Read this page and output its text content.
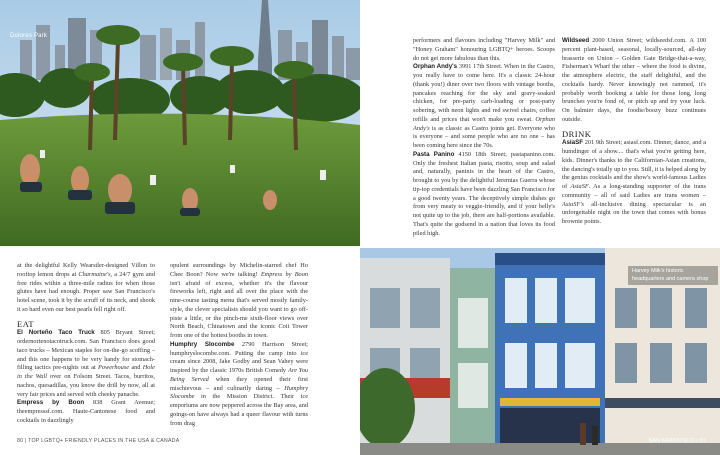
Dolores Park
Harvey Milk's historic headquarters and camera shop

performers and flavours including "Harvey Milk" and "Honey Graham" honouring LGBTQ+ heroes. Scoops do not get more fabulous than this.

Orphan Andy's 3991 17th Street. When in the Castro, you really have to come here. It's a classic 24-hour (thank you!) diner over two floors with vintage booths, pancakes reaching for the sky and gravy-soaked chicken, for pre-party carb-loading or post-party sobering, with neon lights and red swivel chairs, coffee refills and prices that won't make you sweat. Orphan Andy's is as classic as Castro joints get. Everyone who is everyone – and some people who are no one – has been coming here since the 70s.

Pasta Panino 4150 18th Street; pastapanino.com. Only the freshest Italian pasta, risotto, soup and salad and, naturally, paninis in the heart of the Castro, brought to you by the delightful Jeremias Guerra whose tip-top credentials have been dazzling San Francisco for a good twenty years. The deceptively simple dishes go from very meaty to veggie-friendly, and if your belly's not quite up to the job, there are half-portions available. That's quite the godsend in a nation that loves its food piled high.

Wildseed 2000 Union Street; wildseedsf.com. A 100 percent plant-based, seasonal, locally-sourced, all-day brasserie on Union – Golden Gate Bridge-that-a-way, Fisherman's Wharf the other – where the food is divine, the atmosphere electric, the staff delightful, and the cocktails hardy. Never knowingly not rammed, it's probably worth booking a table for those long, long brunches you're fond of, or pitch up and try your luck. On balmier days, the foodie/boozy buzz continues outside.

DRINK

AsiaSF 201 9th Street; asiasf.com. Dinner, dance, and a humdinger of a show.... that's what you're getting here, kids. Dinner's thanks to the Californian-Asian creations, the dancing's totally up to you. Still, it is helped along by the genius cocktails and the show's world-famous Ladies of AsiaSF. As a long-standing supporter of the trans community – all of said Ladies are trans women – AsiaSF's all-inclusive dining spectacular is an unforgettable night on the town that comes with bonus brownie points.

at the delightful Kelly Wearstler-designed Villon to rooftop lemon drops at Charmaine's, a 24/7 gym and free rides within a three-mile radius for when those glutes have had enough. Proper saw San Francisco's hotel scene, took it by the scruff of its neck, and shook it so hard even our best pearls fell right off.

EAT

El Norteño Taco Truck 805 Bryant Street; ordernortenotacotruck.com. San Francisco does good taco trucks – Mexican staples for on-the-go scoffing – and this one happens to be very handy for stomach-filling tactics pre-nights out at Powerhouse and Hole in the Wall over on Folsom Street. Tacos, burritos, nachos, quesadillas, you know the drill by now, all at very fair prices and served with cheeky panache.

Empress by Boon 838 Grant Avenue; theempresssf.com. Haute-Cantonese food and cocktails in dazzlingly

opulent surroundings by Michelin-starred chef Ho Chee Boon? Now we're talking! Empress by Boon isn't afraid of excess, whether it's the flavour fireworks left, right and all over the place with the nine-course tasting menu that's served mostly family-style, the clever specialists should you want to go off-piste a little, or the pinch-me sixth-floor views over North Beach, Chinatown and the iconic Coit Tower from one of the hottest booths in town.

Humphry Slocombe 2790 Harrison Street; humphryslocombe.com. Putting the camp into ice cream since 2008, Jake Godby and Sean Vahey were inspired by the classic 1970s British Comedy Are You Being Served when they opened their first mischievous – and culinarily daring – Humphry Slocombe in the Mission District. Their ice emporiums are now peppered across the Bay area, and goings-on have always had a queer flavour with turns from drag

80 | TOP LGBTQ+ FRIENDLY PLACES IN THE USA & CANADA	SAN FRANCISCO | 87
